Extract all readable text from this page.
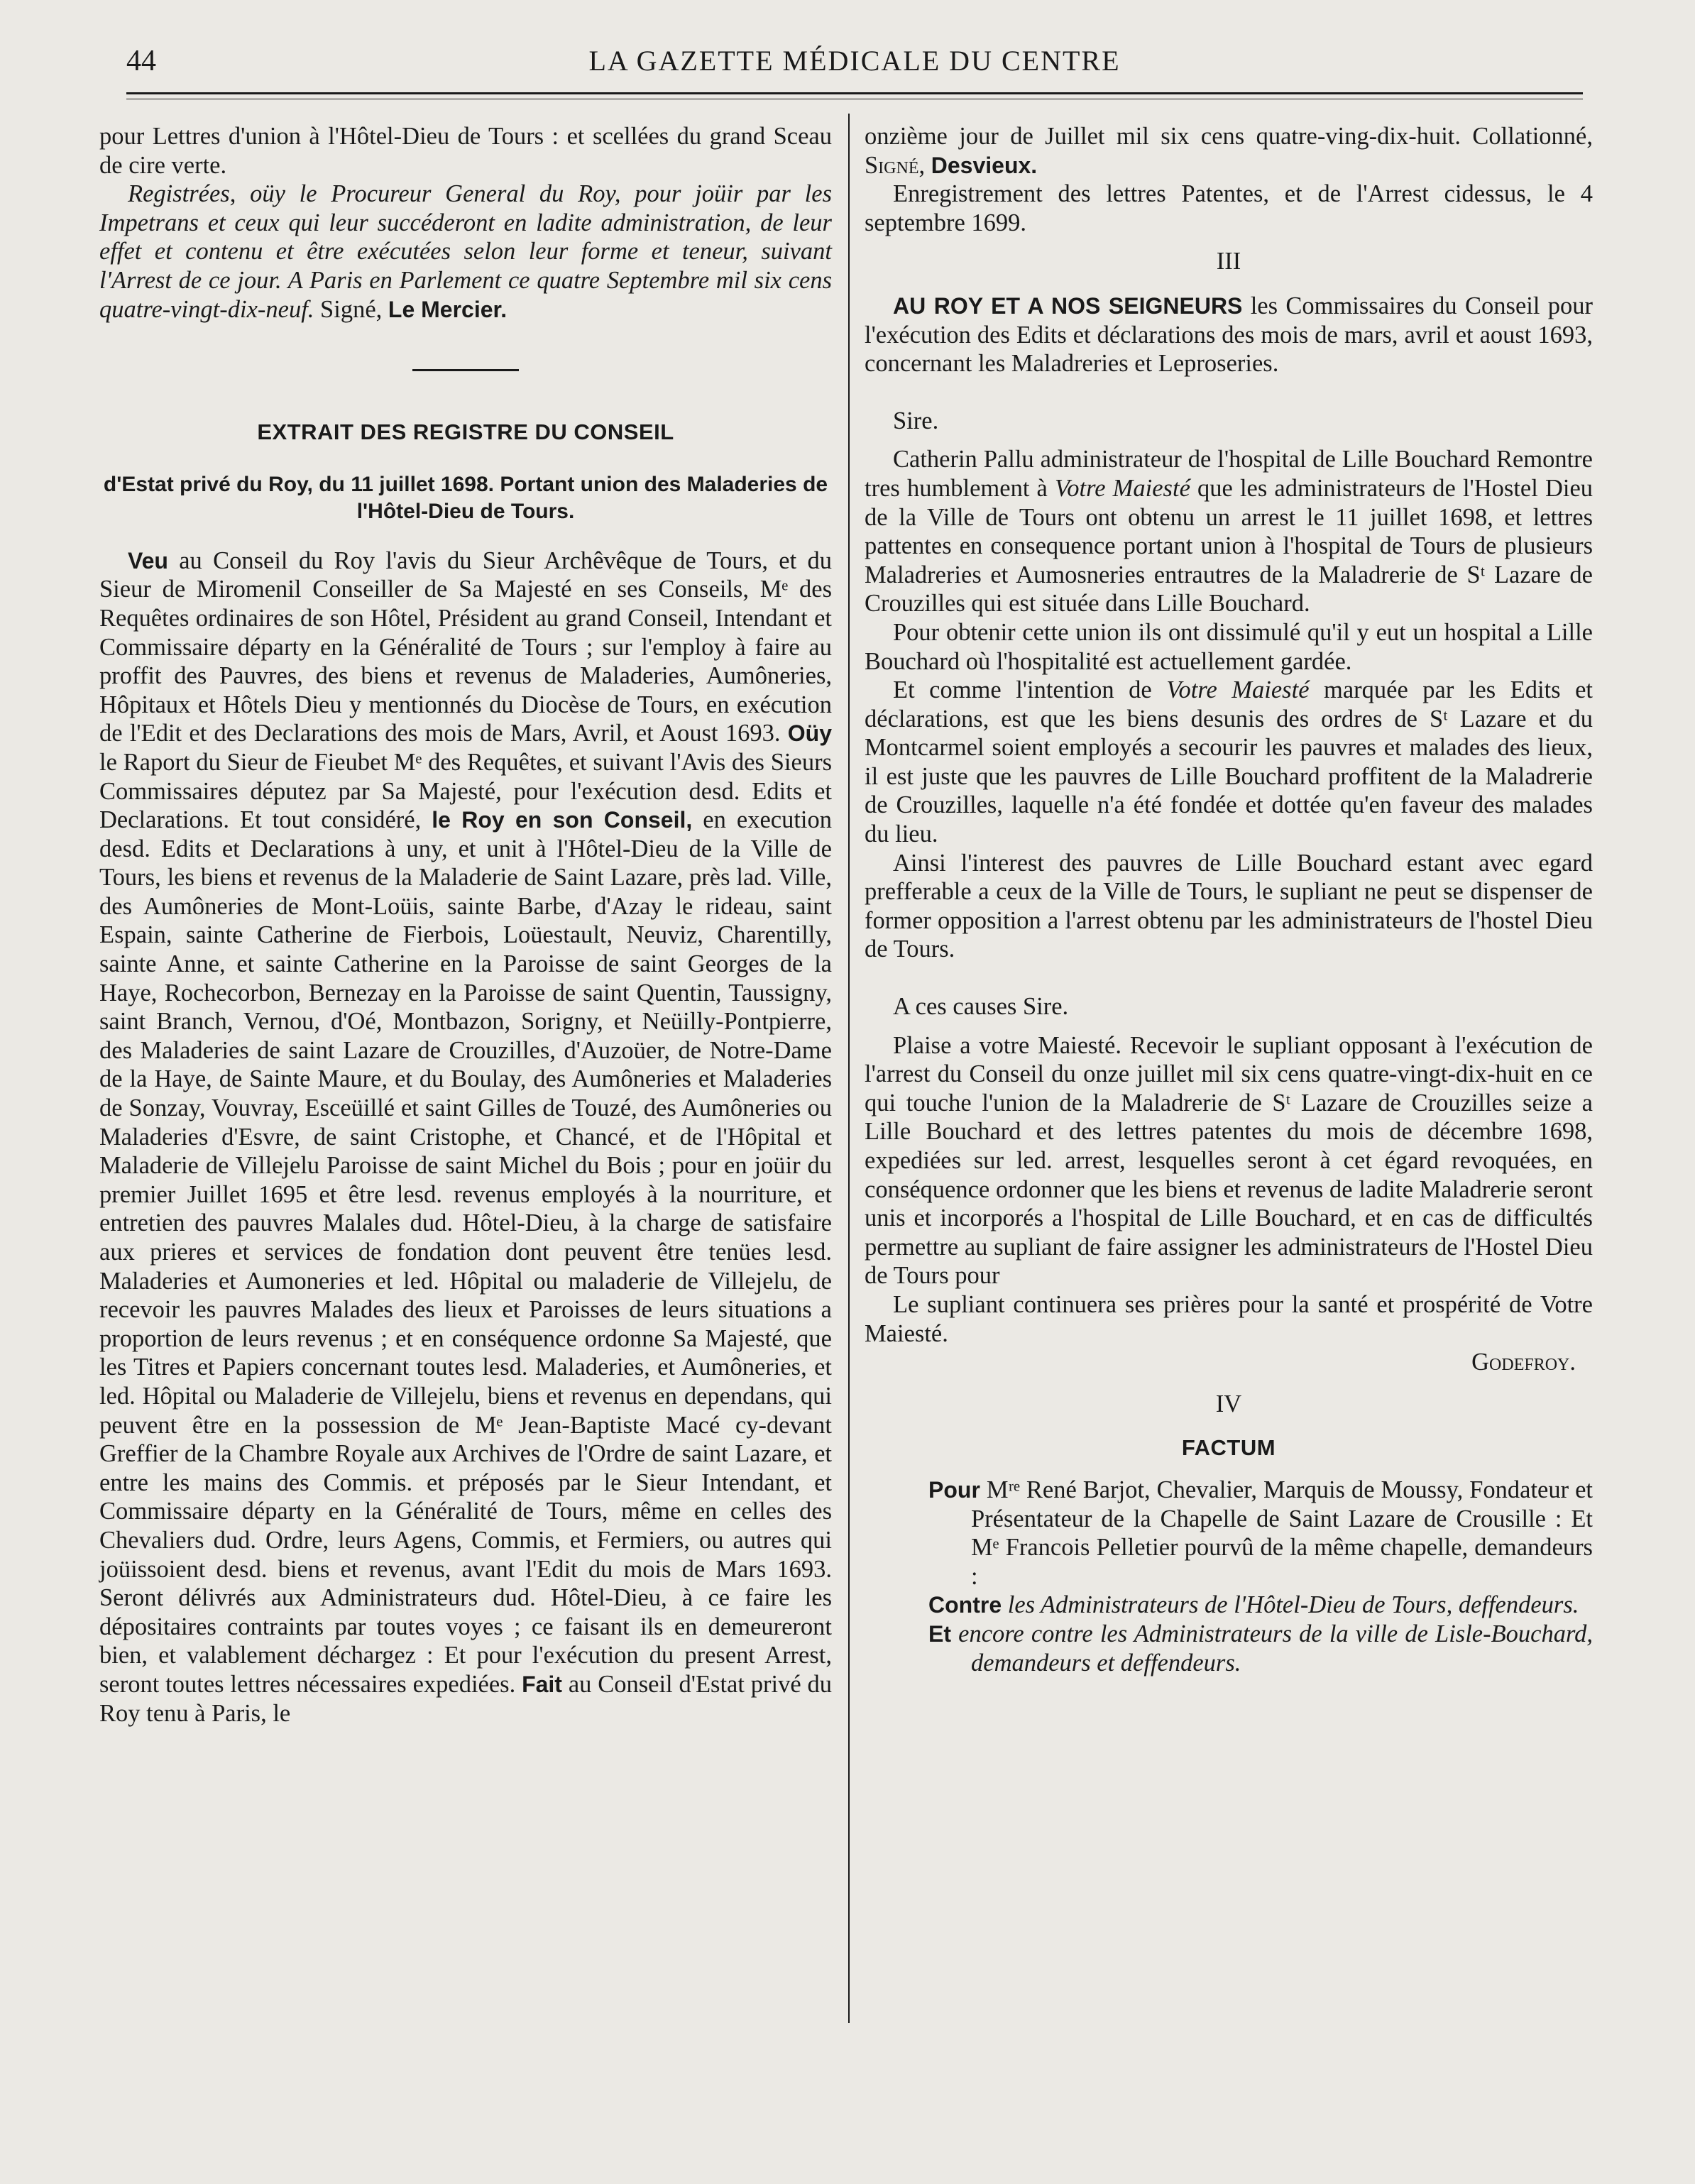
44	LA GAZETTE MÉDICALE DU CENTRE

pour Lettres d'union à l'Hôtel-Dieu de Tours : et scellées du grand Sceau de cire verte.

Registrées, oüy le Procureur General du Roy, pour joüir par les Impetrans et ceux qui leur succéderont en ladite administration, de leur effet et contenu et être exécutées selon leur forme et teneur, suivant l'Arrest de ce jour. A Paris en Parlement ce quatre Septembre mil six cens quatre-vingt-dix-neuf. Signé, Le Mercier.

EXTRAIT DES REGISTRE DU CONSEIL

d'Estat privé du Roy, du 11 juillet 1698. Portant union des Maladeries de l'Hôtel-Dieu de Tours.

Veu au Conseil du Roy l'avis du Sieur Archêvêque de Tours, et du Sieur de Miromenil Conseiller de Sa Majesté en ses Conseils, Mᵉ des Requêtes ordinaires de son Hôtel, Président au grand Conseil, Intendant et Commissaire départy en la Généralité de Tours ; sur l'employ à faire au proffit des Pauvres, des biens et revenus de Maladeries, Aumôneries, Hôpitaux et Hôtels Dieu y mentionnés du Diocèse de Tours, en exécution de l'Edit et des Declarations des mois de Mars, Avril, et Aoust 1693. Oüy le Raport du Sieur de Fieubet Mᵉ des Requêtes, et suivant l'Avis des Sieurs Commissaires députez par Sa Majesté, pour l'exécution desd. Edits et Declarations. Et tout considéré, le Roy en son Conseil, en execution desd. Edits et Declarations à uny, et unit à l'Hôtel-Dieu de la Ville de Tours, les biens et revenus de la Maladerie de Saint Lazare, près lad. Ville, des Aumôneries de Mont-Loüis, sainte Barbe, d'Azay le rideau, saint Espain, sainte Catherine de Fierbois, Loüestault, Neuviz, Charentilly, sainte Anne, et sainte Catherine en la Paroisse de saint Georges de la Haye, Rochecorbon, Bernezay en la Paroisse de saint Quentin, Taussigny, saint Branch, Vernou, d'Oé, Montbazon, Sorigny, et Neüilly-Pontpierre, des Maladeries de saint Lazare de Crouzilles, d'Auzoüer, de Notre-Dame de la Haye, de Sainte Maure, et du Boulay, des Aumôneries et Maladeries de Sonzay, Vouvray, Esceüillé et saint Gilles de Touzé, des Aumôneries ou Maladeries d'Esvre, de saint Cristophe, et Chancé, et de l'Hôpital et Maladerie de Villejelu Paroisse de saint Michel du Bois ; pour en joüir du premier Juillet 1695 et être lesd. revenus employés à la nourriture, et entretien des pauvres Malales dud. Hôtel-Dieu, à la charge de satisfaire aux prieres et services de fondation dont peuvent être tenües lesd. Maladeries et Aumoneries et led. Hôpital ou maladerie de Villejelu, de recevoir les pauvres Malades des lieux et Paroisses de leurs situations a proportion de leurs revenus ; et en conséquence ordonne Sa Majesté, que les Titres et Papiers concernant toutes lesd. Maladeries, et Aumôneries, et led. Hôpital ou Maladerie de Villejelu, biens et revenus en dependans, qui peuvent être en la possession de Mᵉ Jean-Baptiste Macé cy-devant Greffier de la Chambre Royale aux Archives de l'Ordre de saint Lazare, et entre les mains des Commis. et préposés par le Sieur Intendant, et Commissaire départy en la Généralité de Tours, même en celles des Chevaliers dud. Ordre, leurs Agens, Commis, et Fermiers, ou autres qui joüissoient desd. biens et revenus, avant l'Edit du mois de Mars 1693. Seront délivrés aux Administrateurs dud. Hôtel-Dieu, à ce faire les dépositaires contraints par toutes voyes ; ce faisant ils en demeureront bien, et valablement déchargez : Et pour l'exécution du present Arrest, seront toutes lettres nécessaires expediées. Fait au Conseil d'Estat privé du Roy tenu à Paris, le

onzième jour de Juillet mil six cens quatre-ving-dix-huit. Collationné, Signé, Desvieux.

Enregistrement des lettres Patentes, et de l'Arrest cidessus, le 4 septembre 1699.

III

AU ROY ET A NOS SEIGNEURS les Commissaires du Conseil pour l'exécution des Edits et déclarations des mois de mars, avril et aoust 1693, concernant les Maladreries et Leproseries.

Sire.

Catherin Pallu administrateur de l'hospital de Lille Bouchard Remontre tres humblement à Votre Maiesté que les administrateurs de l'Hostel Dieu de la Ville de Tours ont obtenu un arrest le 11 juillet 1698, et lettres pattentes en consequence portant union à l'hospital de Tours de plusieurs Maladreries et Aumosneries entrautres de la Maladrerie de Sᵗ Lazare de Crouzilles qui est située dans Lille Bouchard.

Pour obtenir cette union ils ont dissimulé qu'il y eut un hospital a Lille Bouchard où l'hospitalité est actuellement gardée.

Et comme l'intention de Votre Maiesté marquée par les Edits et déclarations, est que les biens desunis des ordres de Sᵗ Lazare et du Montcarmel soient employés a secourir les pauvres et malades des lieux, il est juste que les pauvres de Lille Bouchard proffitent de la Maladrerie de Crouzilles, laquelle n'a été fondée et dottée qu'en faveur des malades du lieu.

Ainsi l'interest des pauvres de Lille Bouchard estant avec egard prefferable a ceux de la Ville de Tours, le supliant ne peut se dispenser de former opposition a l'arrest obtenu par les administrateurs de l'hostel Dieu de Tours.

A ces causes Sire.

Plaise a votre Maiesté. Recevoir le supliant opposant à l'exécution de l'arrest du Conseil du onze juillet mil six cens quatre-vingt-dix-huit en ce qui touche l'union de la Maladrerie de Sᵗ Lazare de Crouzilles seize a Lille Bouchard et des lettres patentes du mois de décembre 1698, expediées sur led. arrest, lesquelles seront à cet égard revoquées, en conséquence ordonner que les biens et revenus de ladite Maladrerie seront unis et incorporés a l'hospital de Lille Bouchard, et en cas de difficultés permettre au supliant de faire assigner les administrateurs de l'Hostel Dieu de Tours pour

Le supliant continuera ses prières pour la santé et prospérité de Votre Maiesté.

Godefroy.

IV

FACTUM

Pour Mʳᵉ René Barjot, Chevalier, Marquis de Moussy, Fondateur et Présentateur de la Chapelle de Saint Lazare de Crousille : Et Mᵉ Francois Pelletier pourvû de la même chapelle, demandeurs :

Contre les Administrateurs de l'Hôtel-Dieu de Tours, deffendeurs.

Et encore contre les Administrateurs de la ville de Lisle-Bouchard, demandeurs et deffendeurs.
